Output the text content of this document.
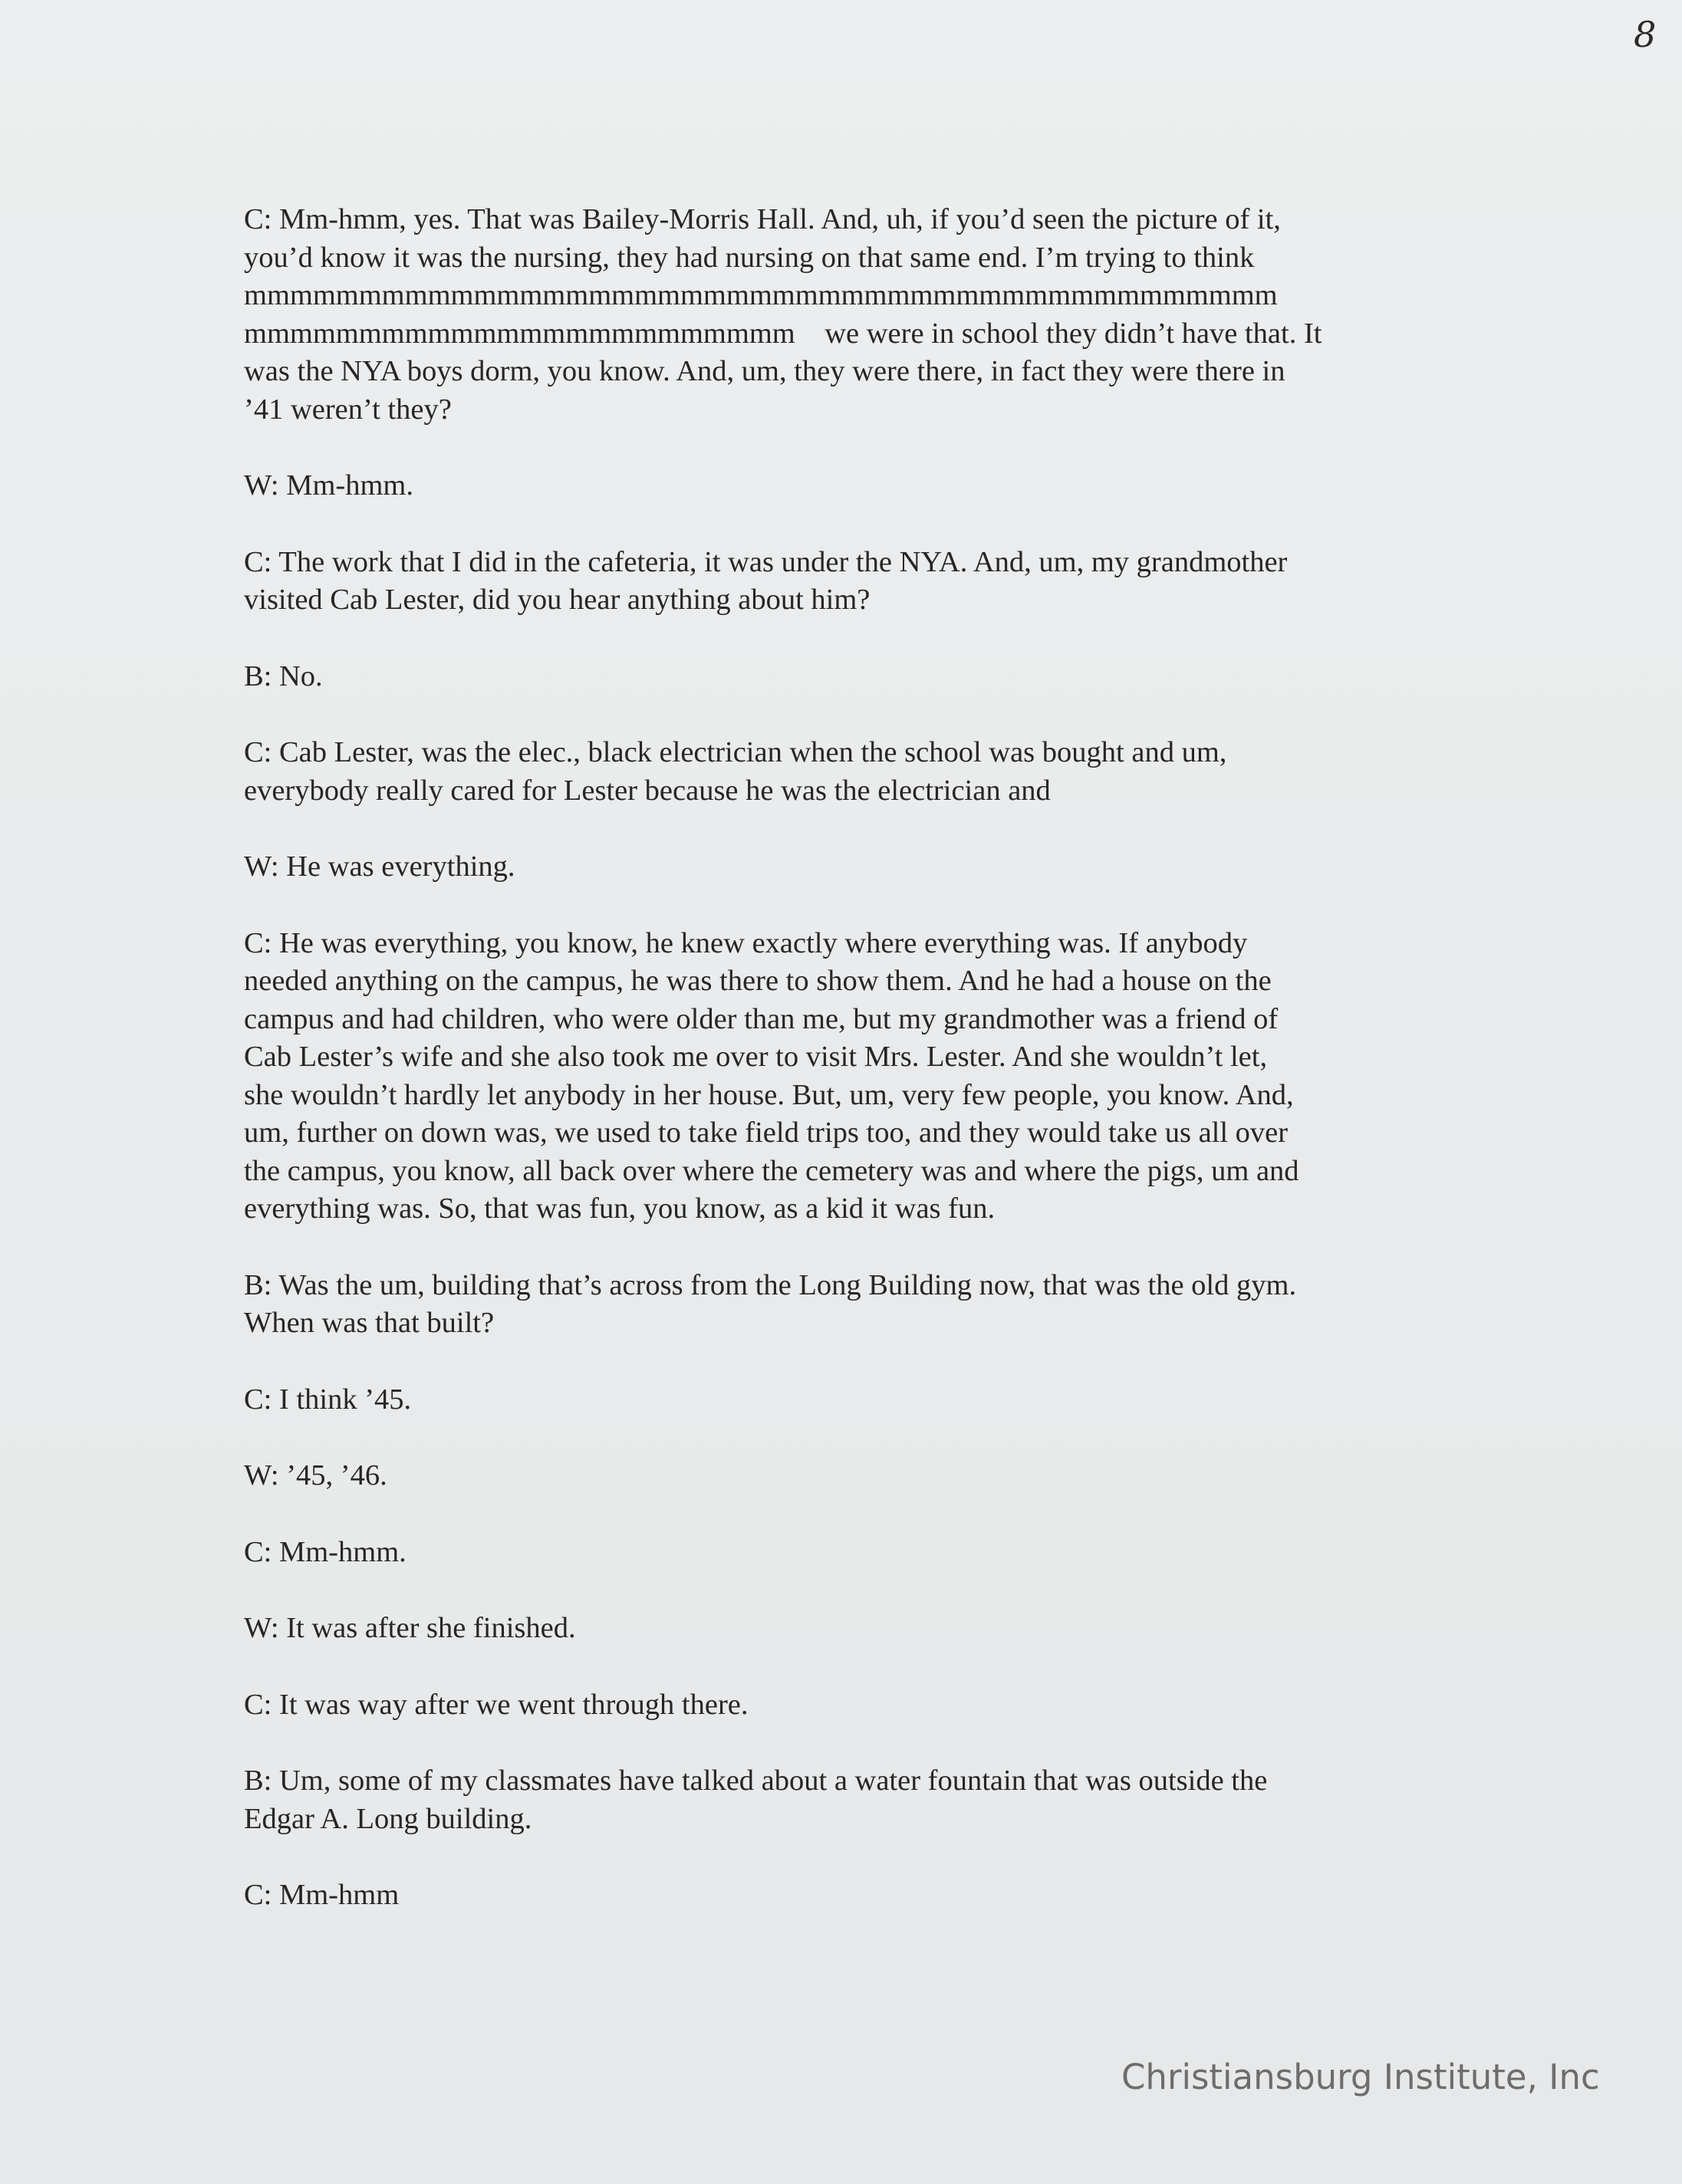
8
C: Mm-hmm, yes. That was Bailey-Morris Hall. And, uh, if you’d seen the picture of it,
you’d know it was the nursing, they had nursing on that same end. I’m trying to think
mmmmmmmmmmmmmmmmmmmmmmmmmmmmmmmmmmmmmmmmmmmmm
mmmmmmmmmmmmmmmmmmmmmmmm    we were in school they didn’t have that. It
was the NYA boys dorm, you know. And, um, they were there, in fact they were there in
’41 weren’t they?
W: Mm-hmm.
C: The work that I did in the cafeteria, it was under the NYA. And, um, my grandmother
visited Cab Lester, did you hear anything about him?
B: No.
C: Cab Lester, was the elec., black electrician when the school was bought and um,
everybody really cared for Lester because he was the electrician and
W: He was everything.
C: He was everything, you know, he knew exactly where everything was. If anybody
needed anything on the campus, he was there to show them. And he had a house on the
campus and had children, who were older than me, but my grandmother was a friend of
Cab Lester’s wife and she also took me over to visit Mrs. Lester. And she wouldn’t let,
she wouldn’t hardly let anybody in her house. But, um, very few people, you know. And,
um, further on down was, we used to take field trips too, and they would take us all over
the campus, you know, all back over where the cemetery was and where the pigs, um and
everything was. So, that was fun, you know, as a kid it was fun.
B: Was the um, building that’s across from the Long Building now, that was the old gym.
When was that built?
C: I think ’45.
W: ’45, ’46.
C: Mm-hmm.
W: It was after she finished.
C: It was way after we went through there.
B: Um, some of my classmates have talked about a water fountain that was outside the
Edgar A. Long building.
C: Mm-hmm
Christiansburg Institute, Inc
